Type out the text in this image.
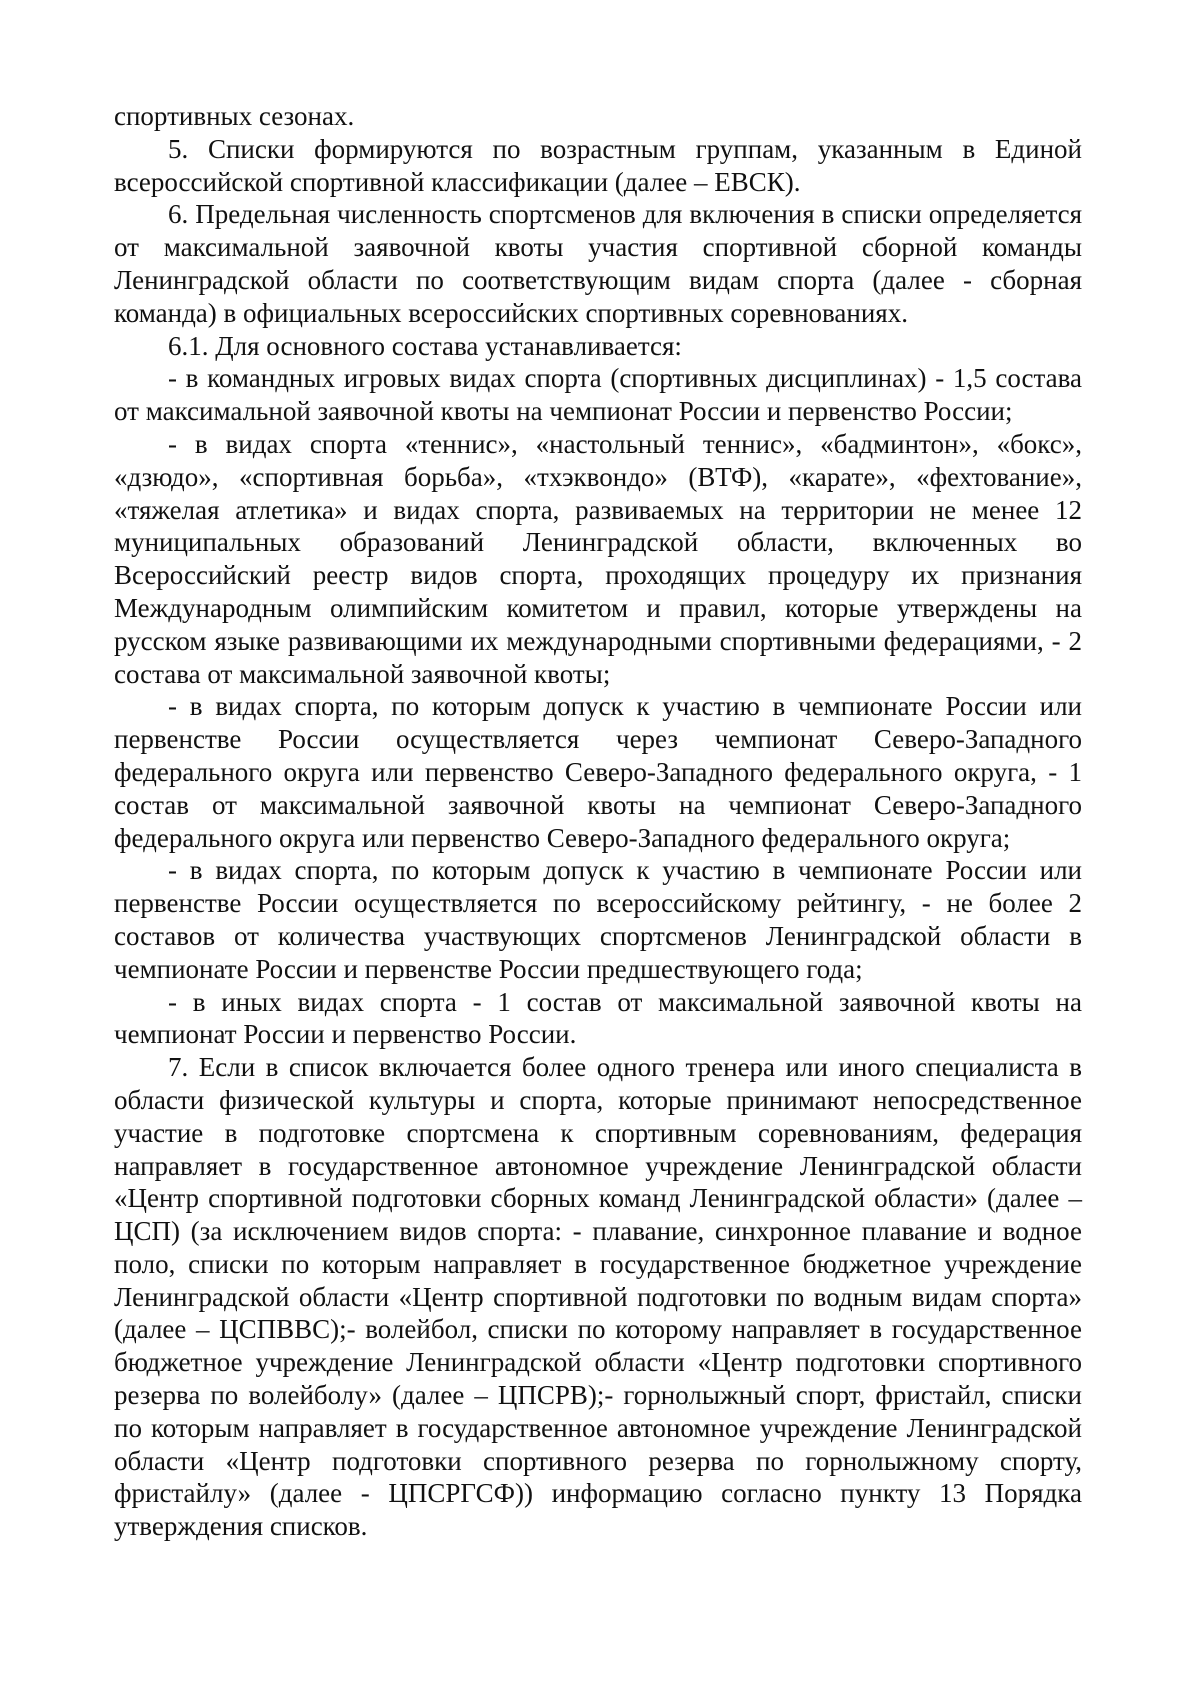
спортивных сезонах.

5. Списки формируются по возрастным группам, указанным в Единой всероссийской спортивной классификации (далее – ЕВСК).

6. Предельная численность спортсменов для включения в списки определяется от максимальной заявочной квоты участия спортивной сборной команды Ленинградской области по соответствующим видам спорта (далее - сборная команда) в официальных всероссийских спортивных соревнованиях.

6.1. Для основного состава устанавливается:

- в командных игровых видах спорта (спортивных дисциплинах) - 1,5 состава от максимальной заявочной квоты на чемпионат России и первенство России;

- в видах спорта «теннис», «настольный теннис», «бадминтон», «бокс», «дзюдо», «спортивная борьба», «тхэквондо» (ВТФ), «карате», «фехтование», «тяжелая атлетика» и видах спорта, развиваемых на территории не менее 12 муниципальных образований Ленинградской области, включенных во Всероссийский реестр видов спорта, проходящих процедуру их признания Международным олимпийским комитетом и правил, которые утверждены на русском языке развивающими их международными спортивными федерациями, - 2 состава от максимальной заявочной квоты;

- в видах спорта, по которым допуск к участию в чемпионате России или первенстве России осуществляется через чемпионат Северо-Западного федерального округа или первенство Северо-Западного федерального округа, - 1 состав от максимальной заявочной квоты на чемпионат Северо-Западного федерального округа или первенство Северо-Западного федерального округа;

- в видах спорта, по которым допуск к участию в чемпионате России или первенстве России осуществляется по всероссийскому рейтингу, - не более 2 составов от количества участвующих спортсменов Ленинградской области в чемпионате России и первенстве России предшествующего года;

- в иных видах спорта - 1 состав от максимальной заявочной квоты на чемпионат России и первенство России.

7. Если в список включается более одного тренера или иного специалиста в области физической культуры и спорта, которые принимают непосредственное участие в подготовке спортсмена к спортивным соревнованиям, федерация направляет в государственное автономное учреждение Ленинградской области «Центр спортивной подготовки сборных команд Ленинградской области» (далее – ЦСП) (за исключением видов спорта: - плавание, синхронное плавание и водное поло, списки по которым направляет в государственное бюджетное учреждение Ленинградской области «Центр спортивной подготовки по водным видам спорта» (далее – ЦСПВВС);- волейбол, списки по которому направляет в государственное бюджетное учреждение Ленинградской области «Центр подготовки спортивного резерва по волейболу» (далее – ЦПСРВ);- горнолыжный спорт, фристайл, списки по которым направляет в государственное автономное учреждение Ленинградской области «Центр подготовки спортивного резерва по горнолыжному спорту, фристайлу» (далее - ЦПСРГСФ)) информацию согласно пункту 13 Порядка утверждения списков.
